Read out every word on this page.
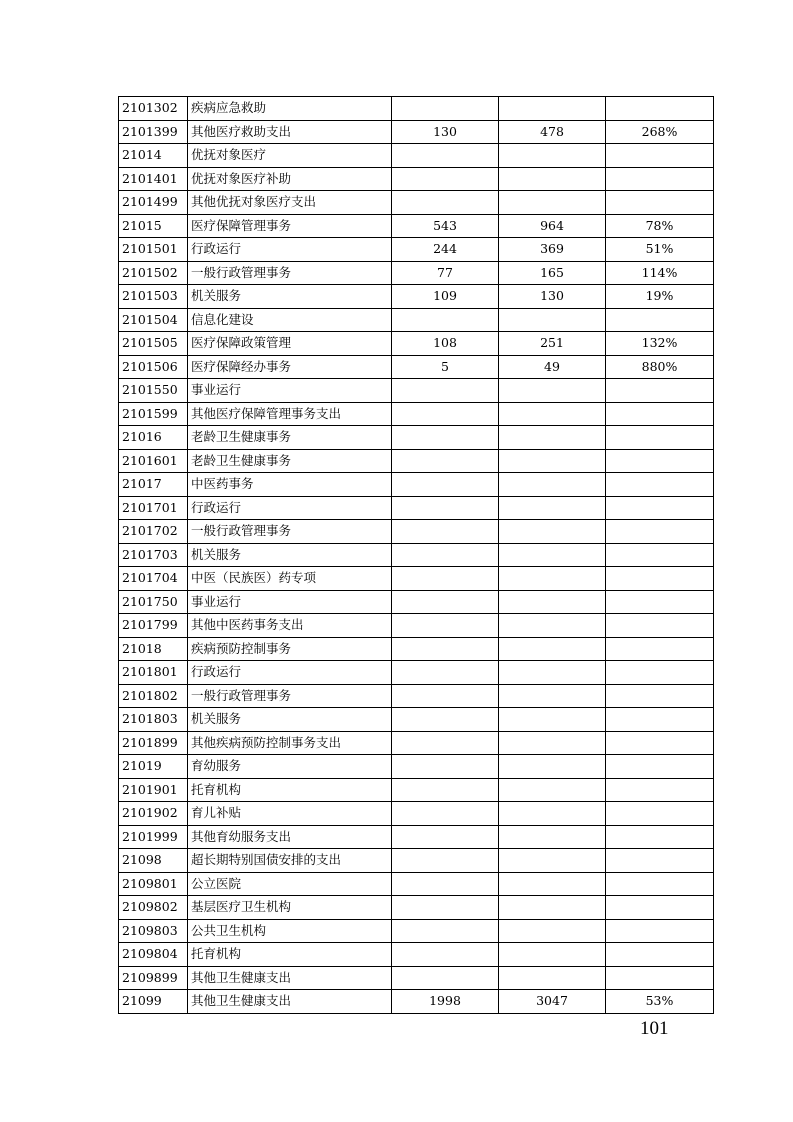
2101302	疾病应急救助			
2101399	其他医疗救助支出	130	478	268%
21014	优抚对象医疗			
2101401	优抚对象医疗补助			
2101499	其他优抚对象医疗支出			
21015	医疗保障管理事务	543	964	78%
2101501	行政运行	244	369	51%
2101502	一般行政管理事务	77	165	114%
2101503	机关服务	109	130	19%
2101504	信息化建设			
2101505	医疗保障政策管理	108	251	132%
2101506	医疗保障经办事务	5	49	880%
2101550	事业运行			
2101599	其他医疗保障管理事务支出			
21016	老龄卫生健康事务			
2101601	老龄卫生健康事务			
21017	中医药事务			
2101701	行政运行			
2101702	一般行政管理事务			
2101703	机关服务			
2101704	中医（民族医）药专项			
2101750	事业运行			
2101799	其他中医药事务支出			
21018	疾病预防控制事务			
2101801	行政运行			
2101802	一般行政管理事务			
2101803	机关服务			
2101899	其他疾病预防控制事务支出			
21019	育幼服务			
2101901	托育机构			
2101902	育儿补贴			
2101999	其他育幼服务支出			
21098	超长期特别国债安排的支出			
2109801	公立医院			
2109802	基层医疗卫生机构			
2109803	公共卫生机构			
2109804	托育机构			
2109899	其他卫生健康支出			
21099	其他卫生健康支出	1998	3047	53%
101
